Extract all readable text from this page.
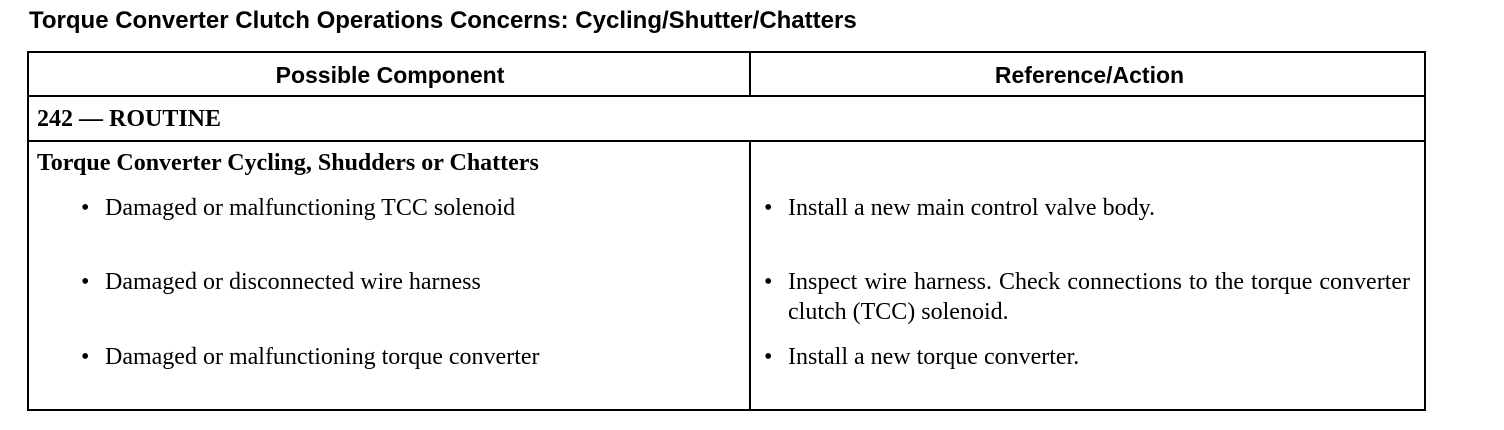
Torque Converter Clutch Operations Concerns: Cycling/Shutter/Chatters
Possible Component	Reference/Action
242 — ROUTINE
Torque Converter Cycling, Shudders or Chatters
• Damaged or malfunctioning TCC solenoid	• Install a new main control valve body.
• Damaged or disconnected wire harness	• Inspect wire harness. Check connections to the torque converter clutch (TCC) solenoid.
• Damaged or malfunctioning torque converter	• Install a new torque converter.
